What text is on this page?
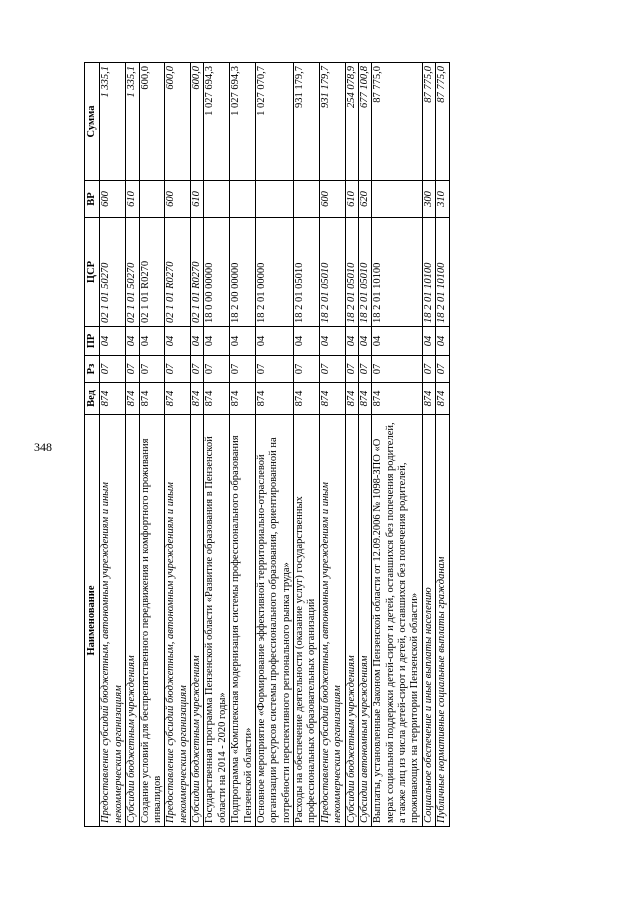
348
Наименование	Вед	Рз	ПР	ЦСР	ВР	Сумма
Предоставление субсидий бюджетным, автономным учреждениям и иным некоммерческим организациям	874	07	04	02 1 01 50270	600	1 335,1
Субсидии бюджетным учреждениям	874	07	04	02 1 01 50270	610	1 335,1
Создание условий для беспрепятственного передвижения и комфортного проживания инвалидов	874	07	04	02 1 01 R0270		600,0
Предоставление субсидий бюджетным, автономным учреждениям и иным некоммерческим организациям	874	07	04	02 1 01 R0270	600	600,0
Субсидии бюджетным учреждениям	874	07	04	02 1 01 R0270	610	600,0
Государственная программа Пензенской области «Развитие образования в Пензенской области на 2014 - 2020 годы»	874	07	04	18 0 00 00000		1 027 694,3
Подпрограмма «Комплексная модернизация системы профессионального образования Пензенской области»	874	07	04	18 2 00 00000		1 027 694,3
Основное мероприятие «Формирование эффективной территориально-отраслевой организации ресурсов системы профессионального образования, ориентированной на потребности перспективного регионального рынка труда»	874	07	04	18 2 01 00000		1 027 070,7
Расходы на обеспечение деятельности (оказание услуг) государственных профессиональных образовательных организаций	874	07	04	18 2 01 05010		931 179,7
Предоставление субсидий бюджетным, автономным учреждениям и иным некоммерческим организациям	874	07	04	18 2 01 05010	600	931 179,7
Субсидии бюджетным учреждениям	874	07	04	18 2 01 05010	610	254 078,9
Субсидии автономным учреждениям	874	07	04	18 2 01 05010	620	677 100,8
Выплаты, установленные Законом Пензенской области от 12.09.2006 № 1098-ЗПО «О мерах социальной поддержки детей-сирот и детей, оставшихся без попечения родителей, а также лиц из числа детей-сирот и детей, оставшихся без попечения родителей, проживающих на территории Пензенской области»	874	07	04	18 2 01 10100		87 775,0
Социальное обеспечение и иные выплаты населению	874	07	04	18 2 01 10100	300	87 775,0
Публичные нормативные социальные выплаты гражданам	874	07	04	18 2 01 10100	310	87 775,0
